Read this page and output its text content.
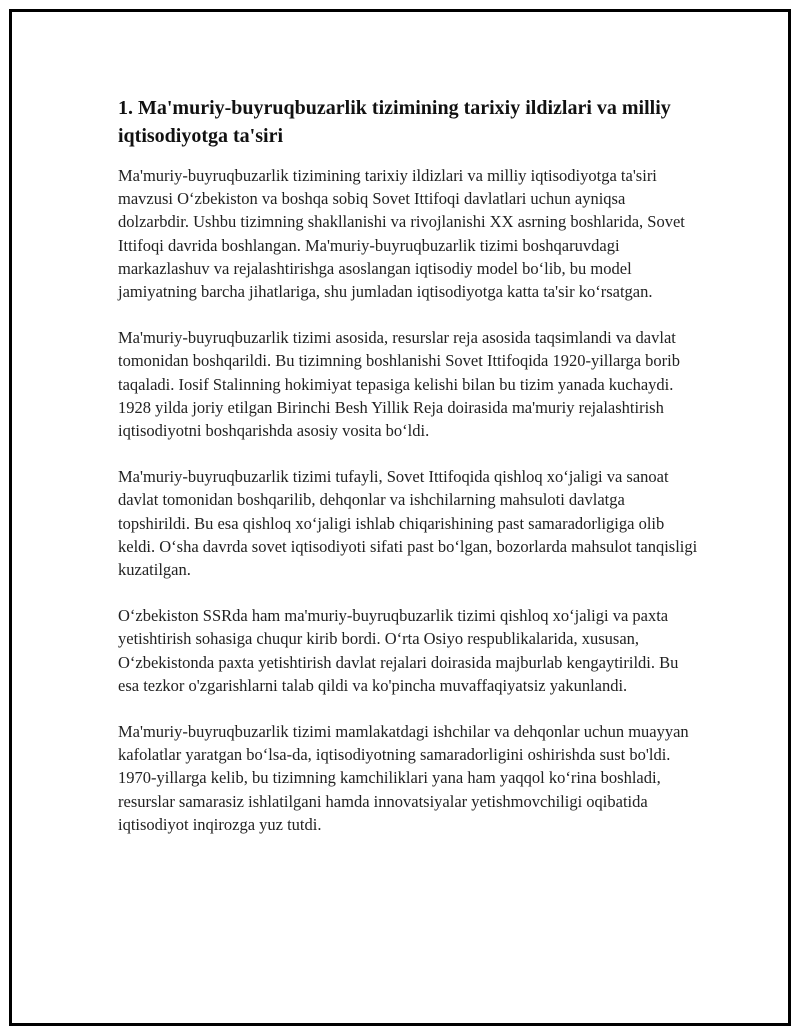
1. Ma'muriy-buyruqbuzarlik tizimining tarixiy ildizlari va milliy iqtisodiyotga ta'siri

Ma'muriy-buyruqbuzarlik tizimining tarixiy ildizlari va milliy iqtisodiyotga ta'siri mavzusi O‘zbekiston va boshqa sobiq Sovet Ittifoqi davlatlari uchun ayniqsa dolzarbdir. Ushbu tizimning shakllanishi va rivojlanishi XX asrning boshlarida, Sovet Ittifoqi davrida boshlangan. Ma'muriy-buyruqbuzarlik tizimi boshqaruvdagi markazlashuv va rejalashtirishga asoslangan iqtisodiy model bo‘lib, bu model jamiyatning barcha jihatlariga, shu jumladan iqtisodiyotga katta ta'sir ko‘rsatgan.

Ma'muriy-buyruqbuzarlik tizimi asosida, resurslar reja asosida taqsimlandi va davlat tomonidan boshqarildi. Bu tizimning boshlanishi Sovet Ittifoqida 1920-yillarga borib taqaladi. Iosif Stalinning hokimiyat tepasiga kelishi bilan bu tizim yanada kuchaydi. 1928 yilda joriy etilgan Birinchi Besh Yillik Reja doirasida ma'muriy rejalashtirish iqtisodiyotni boshqarishda asosiy vosita bo‘ldi.

Ma'muriy-buyruqbuzarlik tizimi tufayli, Sovet Ittifoqida qishloq xo‘jaligi va sanoat davlat tomonidan boshqarilib, dehqonlar va ishchilarning mahsuloti davlatga topshirildi. Bu esa qishloq xo‘jaligi ishlab chiqarishining past samaradorligiga olib keldi. O‘sha davrda sovet iqtisodiyoti sifati past bo‘lgan, bozorlarda mahsulot tanqisligi kuzatilgan.

O‘zbekiston SSRda ham ma'muriy-buyruqbuzarlik tizimi qishloq xo‘jaligi va paxta yetishtirish sohasiga chuqur kirib bordi. O‘rta Osiyo respublikalarida, xususan, O‘zbekistonda paxta yetishtirish davlat rejalari doirasida majburlab kengaytirildi. Bu esa tezkor o'zgarishlarni talab qildi va ko'pincha muvaffaqiyatsiz yakunlandi.

Ma'muriy-buyruqbuzarlik tizimi mamlakatdagi ishchilar va dehqonlar uchun muayyan kafolatlar yaratgan bo‘lsa-da, iqtisodiyotning samaradorligini oshirishda sust bo'ldi. 1970-yillarga kelib, bu tizimning kamchiliklari yana ham yaqqol ko‘rina boshladi, resurslar samarasiz ishlatilgani hamda innovatsiyalar yetishmovchiligi oqibatida iqtisodiyot inqirozga yuz tutdi.
